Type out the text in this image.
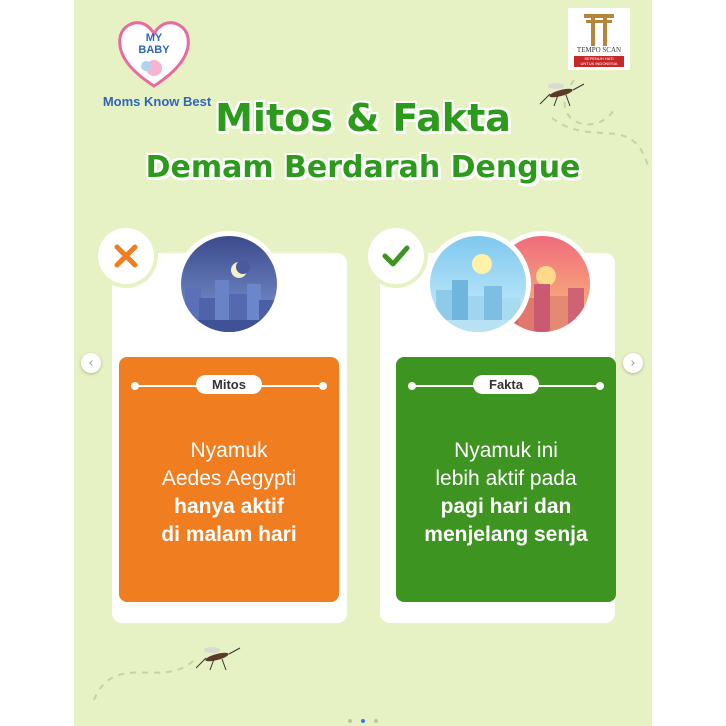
MY
BABY
Moms Know Best
TEMPO SCAN
SEPENUH HATI
UNTUK INDONESIA
Mitos & Fakta
Demam Berdarah Dengue
Mitos
Nyamuk
Aedes Aegypti
hanya aktif
di malam hari
Fakta
Nyamuk ini
lebih aktif pada
pagi hari dan
menjelang senja

‹	›
